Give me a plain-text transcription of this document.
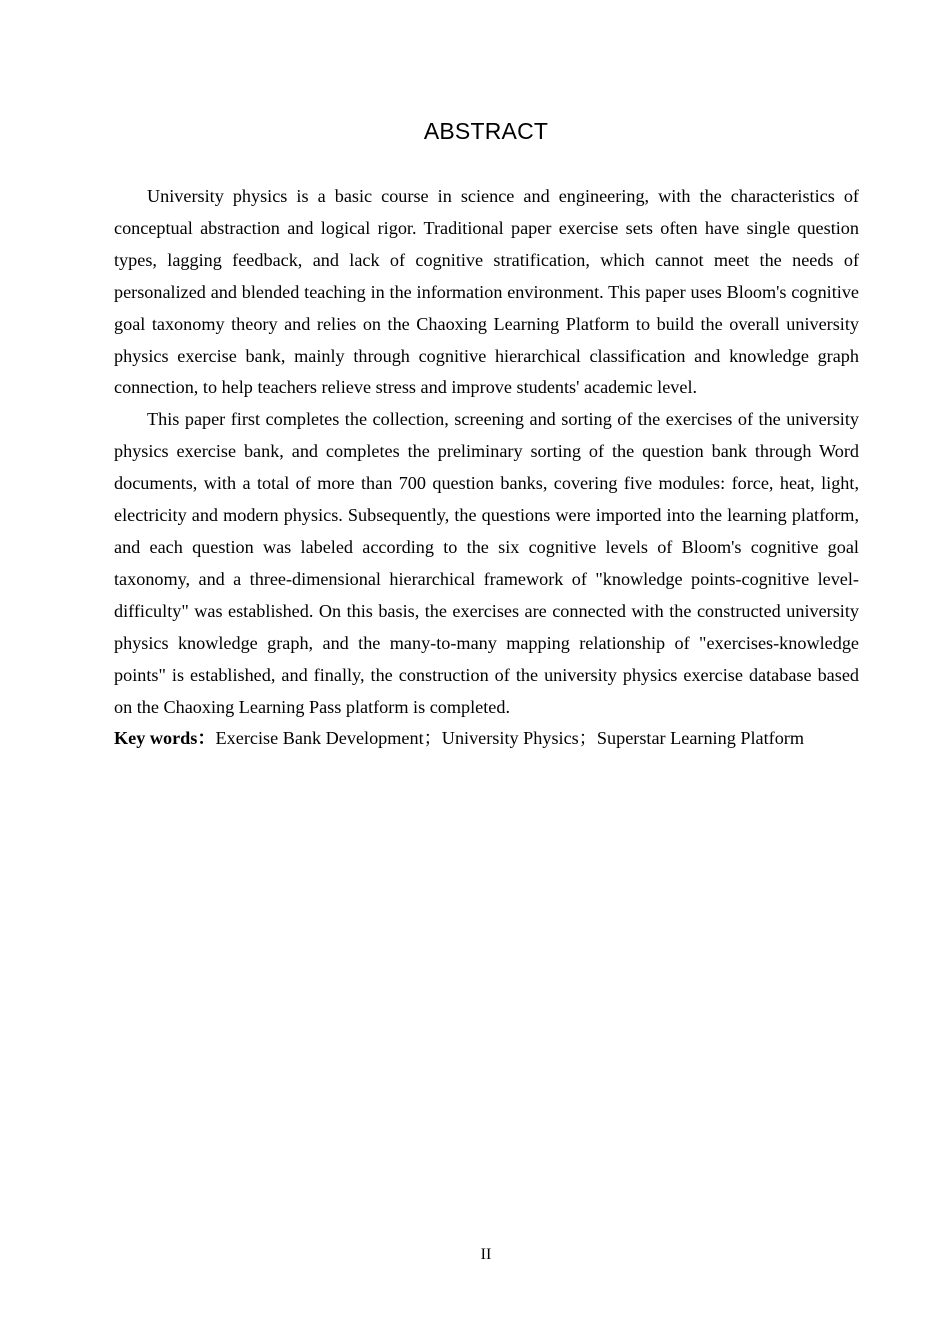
ABSTRACT

University physics is a basic course in science and engineering, with the characteristics of conceptual abstraction and logical rigor. Traditional paper exercise sets often have single question types, lagging feedback, and lack of cognitive stratification, which cannot meet the needs of personalized and blended teaching in the information environment. This paper uses Bloom's cognitive goal taxonomy theory and relies on the Chaoxing Learning Platform to build the overall university physics exercise bank, mainly through cognitive hierarchical classification and knowledge graph connection, to help teachers relieve stress and improve students' academic level.

This paper first completes the collection, screening and sorting of the exercises of the university physics exercise bank, and completes the preliminary sorting of the question bank through Word documents, with a total of more than 700 question banks, covering five modules: force, heat, light, electricity and modern physics. Subsequently, the questions were imported into the learning platform, and each question was labeled according to the six cognitive levels of Bloom's cognitive goal taxonomy, and a three-dimensional hierarchical framework of "knowledge points-cognitive level-difficulty" was established. On this basis, the exercises are connected with the constructed university physics knowledge graph, and the many-to-many mapping relationship of "exercises-knowledge points" is established, and finally, the construction of the university physics exercise database based on the Chaoxing Learning Pass platform is completed.

Key words：Exercise Bank Development；University Physics；Superstar Learning Platform

II
